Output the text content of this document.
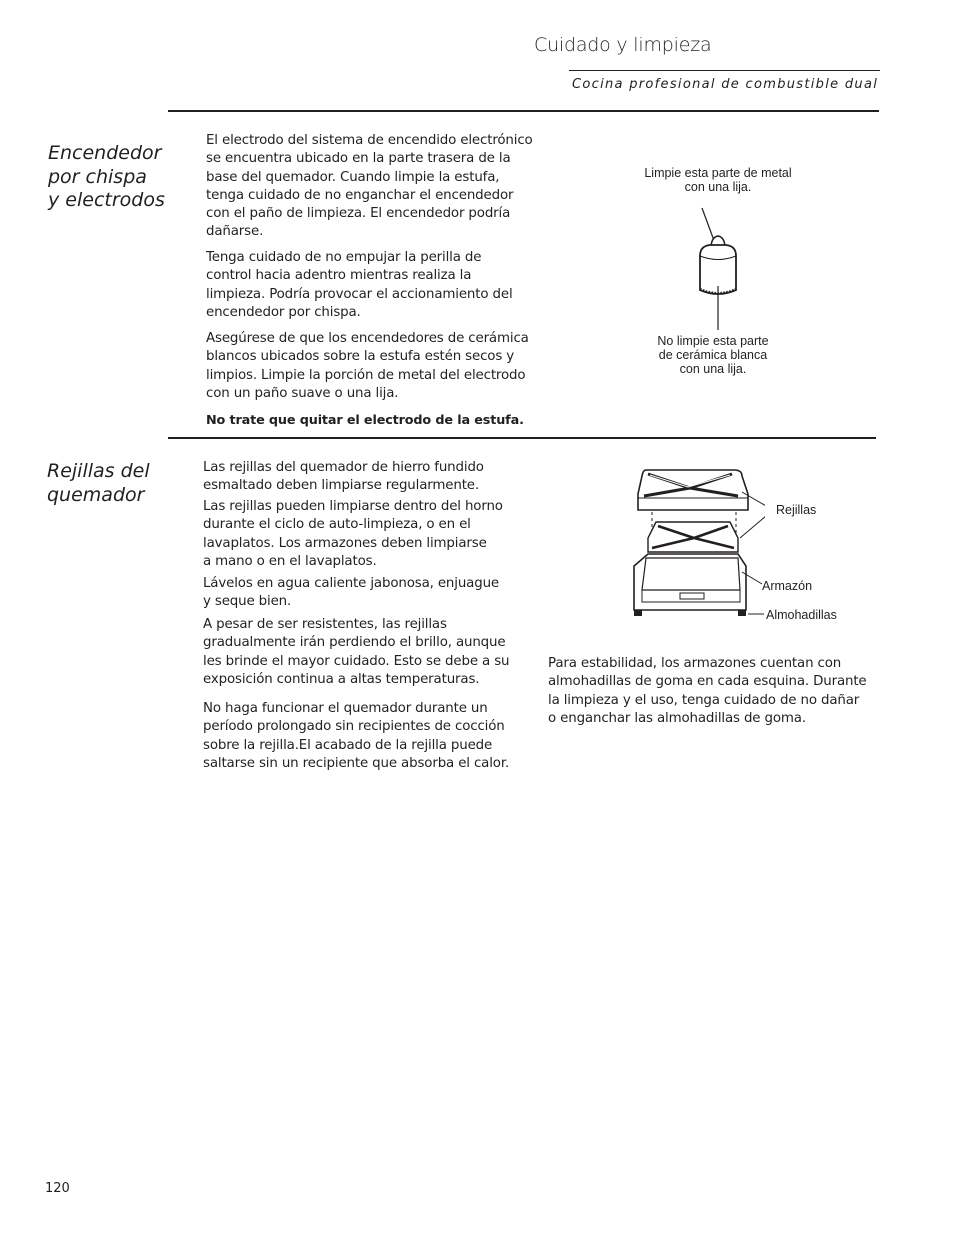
Cuidado y limpieza
Cocina profesional de combustible dual
Encendedor
por chispa
y electrodos
El electrodo del sistema de encendido electrónico
se encuentra ubicado en la parte trasera de la
base del quemador. Cuando limpie la estufa,
tenga cuidado de no enganchar el encendedor
con el paño de limpieza. El encendedor podría
dañarse.
Tenga cuidado de no empujar la perilla de
control hacia adentro mientras realiza la
limpieza. Podría provocar el accionamiento del
encendedor por chispa.
Asegúrese de que los encendedores de cerámica
blancos ubicados sobre la estufa estén secos y
limpios. Limpie la porción de metal del electrodo
con un paño suave o una lija.
No trate que quitar el electrodo de la estufa.
Limpie esta parte de metal
con una lija.
No limpie esta parte
de cerámica blanca
con una lija.
Rejillas del
quemador
Las rejillas del quemador de hierro fundido
esmaltado deben limpiarse regularmente.
Las rejillas pueden limpiarse dentro del horno
durante el ciclo de auto-limpieza, o en el
lavaplatos. Los armazones deben limpiarse
a mano o en el lavaplatos.
Lávelos en agua caliente jabonosa, enjuague
y seque bien.
A pesar de ser resistentes, las rejillas
gradualmente irán perdiendo el brillo, aunque
les brinde el mayor cuidado. Esto se debe a su
exposición continua a altas temperaturas.
No haga funcionar el quemador durante un
período prolongado sin recipientes de cocción
sobre la rejilla.El acabado de la rejilla puede
saltarse sin un recipiente que absorba el calor.
Rejillas
Armazón
Almohadillas
Para estabilidad, los armazones cuentan con
almohadillas de goma en cada esquina. Durante
la limpieza y el uso, tenga cuidado de no dañar
o enganchar las almohadillas de goma.
120
